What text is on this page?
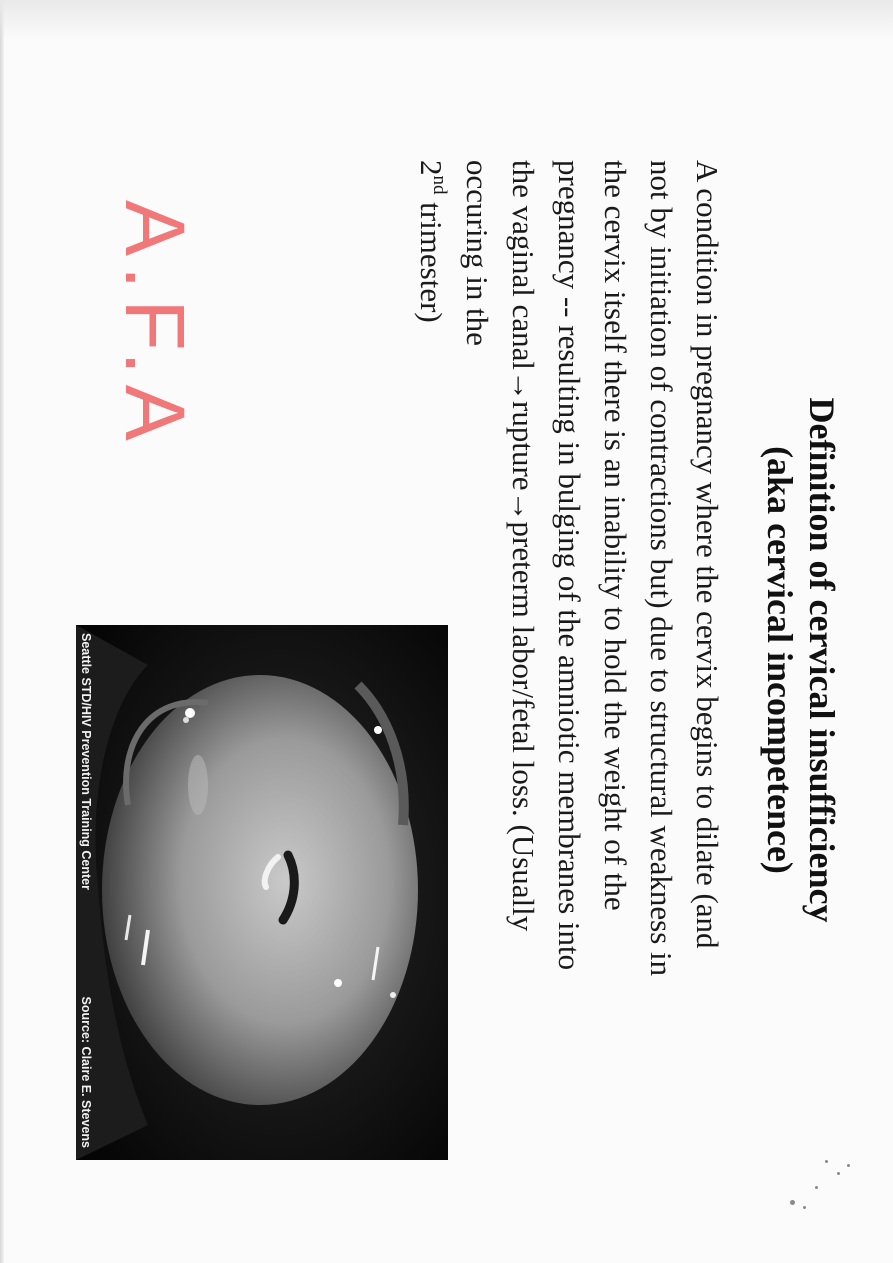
Definition of cervical insufficiency
(aka cervical incompetence)
A condition in pregnancy where the cervix begins to dilate (and
not by initiation of contractions but) due to structural weakness in
the cervix itself there is an inability to hold the weight of the
pregnancy -- resulting in bulging of the amniotic membranes into
the vaginal canal→rupture→preterm labor/fetal loss. (Usually
occuring in the
2nd trimester)
A.F.A
Seattle STD/HIV Prevention Training Center
Source: Claire E. Stevens
